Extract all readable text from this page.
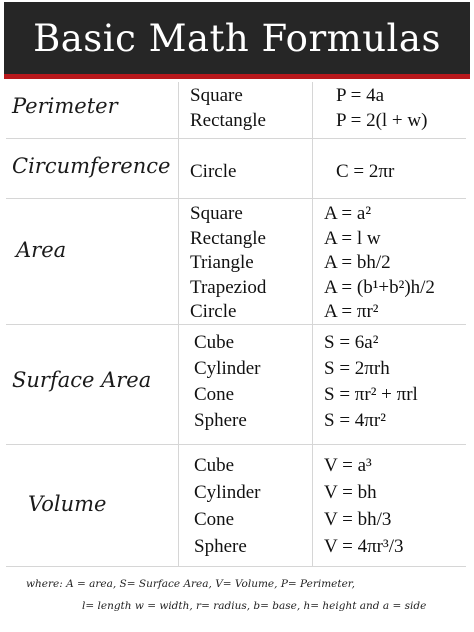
Basic Math Formulas
Perimeter	Square
Rectangle
P = 4a
P = 2(l + w)
Circumference Circle	C = 2πr
Area
Square
Rectangle
Triangle
Trapeziod
Circle
A = a²
A = l w
A = bh/2
A = (b¹+b²)h/2
A = πr²
Surface Area
Cube
Cylinder
Cone
Sphere
S = 6a²
S = 2πrh
S = πr² + πrl
S = 4πr²
Volume
Cube
Cylinder
Cone
Sphere
V = a³
V = bh
V = bh/3
V = 4πr³/3
where: A = area, S= Surface Area, V= Volume, P= Perimeter,
l= length w = width, r= radius, b= base, h= height and a = side
